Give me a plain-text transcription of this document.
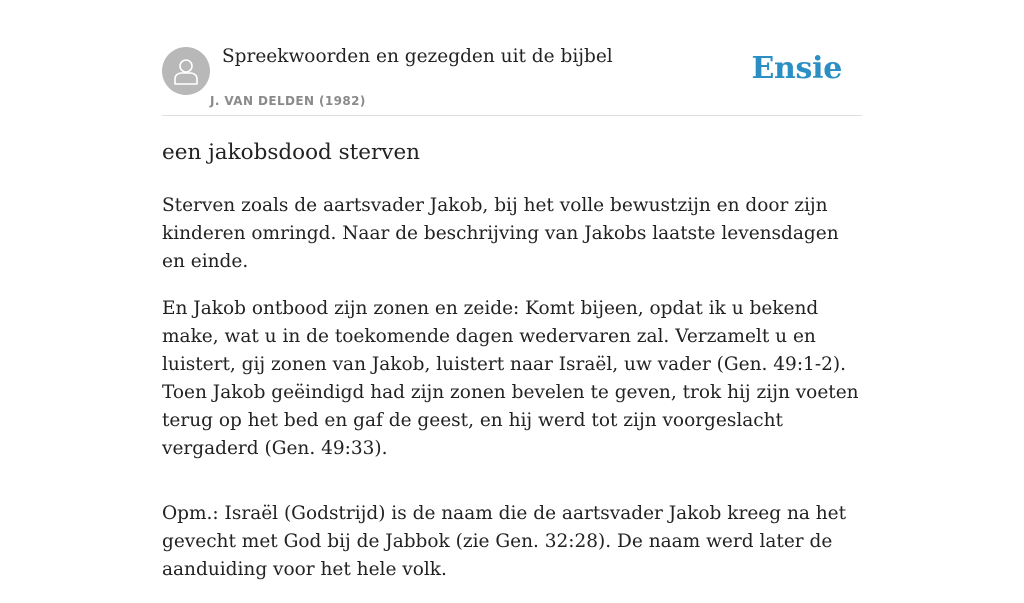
Spreekwoorden en gezegden uit de bijbel
J. VAN DELDEN (1982)
Ensie
een jakobsdood sterven

Sterven zoals de aartsvader Jakob, bij het volle bewustzijn en door zijn kinderen omringd. Naar de beschrijving van Jakobs laatste levensdagen en einde.

En Jakob ontbood zijn zonen en zeide: Komt bijeen, opdat ik u bekend make, wat u in de toekomende dagen wedervaren zal. Verzamelt u en luistert, gij zonen van Jakob, luistert naar Israël, uw vader (Gen. 49:1-2). Toen Jakob geëindigd had zijn zonen bevelen te geven, trok hij zijn voeten terug op het bed en gaf de geest, en hij werd tot zijn voorgeslacht vergaderd (Gen. 49:33).

Opm.: Israël (Godstrijd) is de naam die de aartsvader Jakob kreeg na het gevecht met God bij de Jabbok (zie Gen. 32:28). De naam werd later de aanduiding voor het hele volk.
